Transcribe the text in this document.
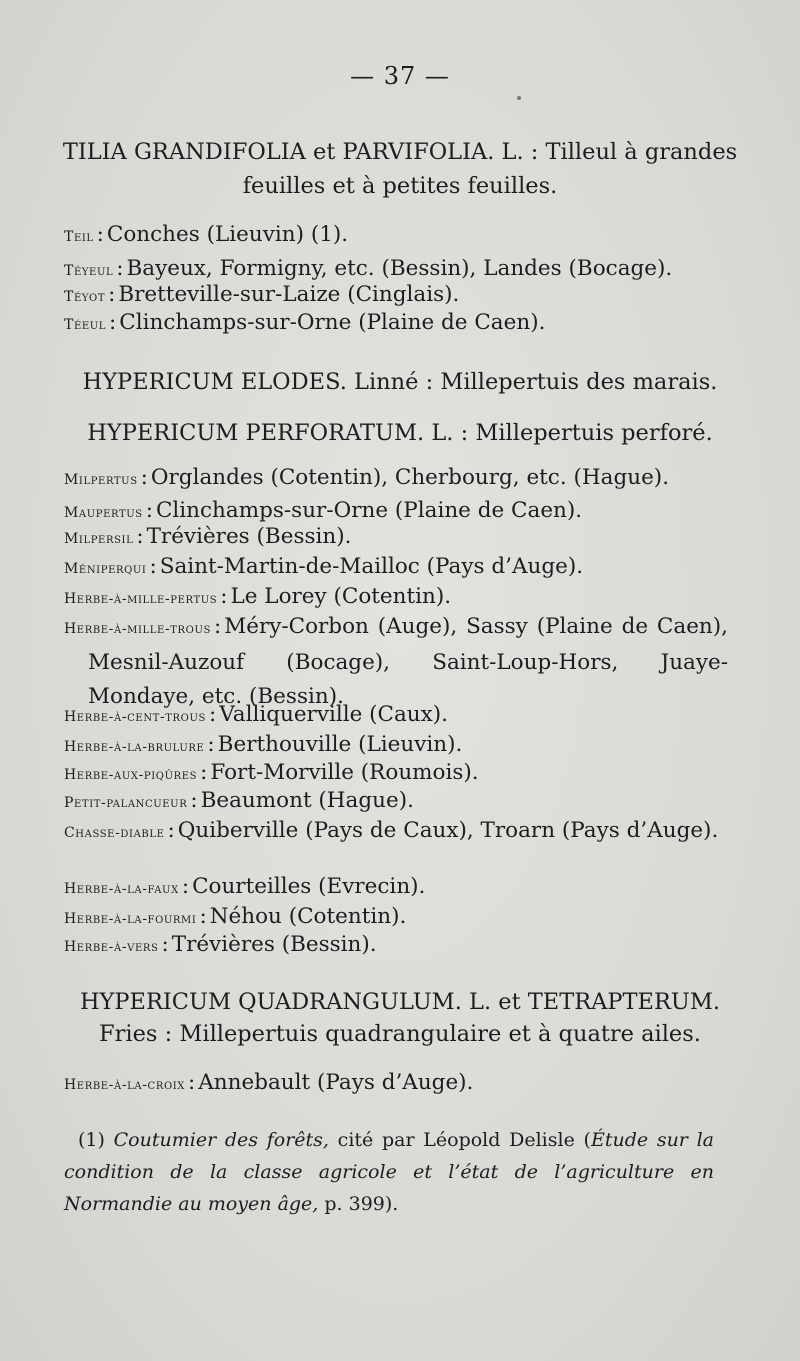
— 37 —

TILIA GRANDIFOLIA et PARVIFOLIA. L. : Tilleul à grandes

feuilles et à petites feuilles.

Teil : Conches (Lieuvin) (1).
Téyeul : Bayeux, Formigny, etc. (Bessin), Landes (Bocage).
Téyot : Bretteville-sur-Laize (Cinglais).
Téeul : Clinchamps-sur-Orne (Plaine de Caen).

HYPERICUM ELODES. Linné : Millepertuis des marais.

HYPERICUM PERFORATUM. L. : Millepertuis perforé.

Milpertus : Orglandes (Cotentin), Cherbourg, etc. (Hague).
Maupertus : Clinchamps-sur-Orne (Plaine de Caen).
Milpersil : Trévières (Bessin).
Méniperqui : Saint-Martin-de-Mailloc (Pays d’Auge).
Herbe-à-mille-pertus : Le Lorey (Cotentin).
Herbe-à-mille-trous : Méry-Corbon (Auge), Sassy (Plaine de Caen), Mesnil-Auzouf (Bocage), Saint-Loup-Hors, Juaye-Mondaye, etc. (Bessin).
Herbe-à-cent-trous : Valliquerville (Caux).
Herbe-à-la-brulure : Berthouville (Lieuvin).
Herbe-aux-piqûres : Fort-Morville (Roumois).
Petit-palancueur : Beaumont (Hague).
Chasse-diable : Quiberville (Pays de Caux), Troarn (Pays d’Auge).
Herbe-à-la-faux : Courteilles (Evrecin).
Herbe-à-la-fourmi : Néhou (Cotentin).
Herbe-à-vers : Trévières (Bessin).

HYPERICUM QUADRANGULUM. L. et TETRAPTERUM.

Fries : Millepertuis quadrangulaire et à quatre ailes.

Herbe-à-la-croix : Annebault (Pays d’Auge).
(1) Coutumier des forêts, cité par Léopold Delisle (Étude sur la condition de la classe agricole et l’état de l’agriculture en Normandie au moyen âge, p. 399).
